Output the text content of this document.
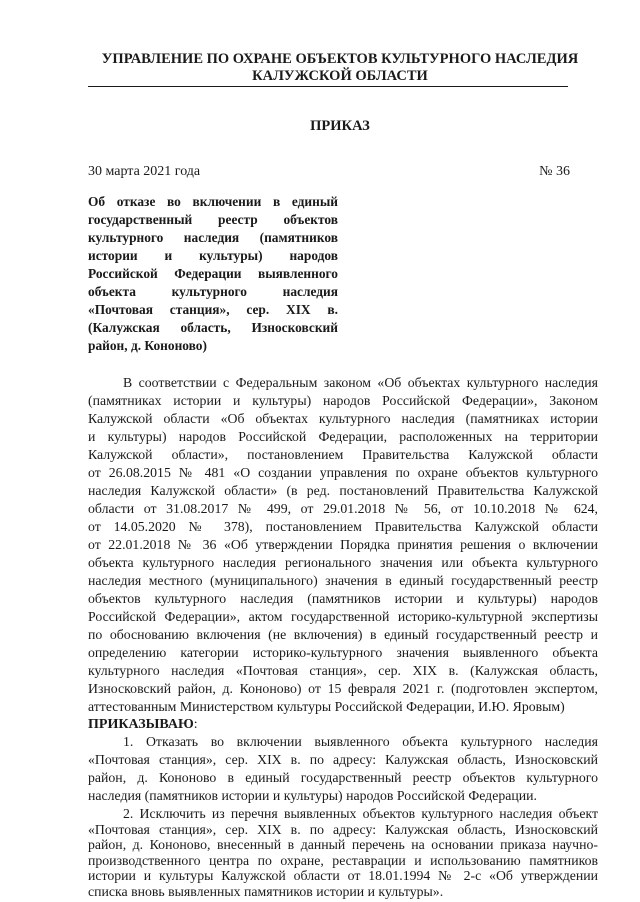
УПРАВЛЕНИЕ ПО ОХРАНЕ ОБЪЕКТОВ КУЛЬТУРНОГО НАСЛЕДИЯ
КАЛУЖСКОЙ ОБЛАСТИ
ПРИКАЗ
30 марта 2021 года	№ 36
Об отказе во включении в единый
государственный реестр объектов
культурного наследия (памятников
истории и культуры) народов
Российской Федерации выявленного
объекта культурного наследия
«Почтовая станция», сер. XIX в.
(Калужская область, Износковский
район, д. Кононово)
В соответствии с Федеральным законом «Об объектах культурного наследия
(памятниках истории и культуры) народов Российской Федерации», Законом
Калужской области «Об объектах культурного наследия (памятниках истории
и культуры) народов Российской Федерации, расположенных на территории
Калужской области», постановлением Правительства Калужской области
от 26.08.2015 № 481 «О создании управления по охране объектов культурного
наследия Калужской области» (в ред. постановлений Правительства Калужской
области от 31.08.2017 № 499, от 29.01.2018 № 56, от 10.10.2018 № 624,
от 14.05.2020 № 378), постановлением Правительства Калужской области
от 22.01.2018 № 36 «Об утверждении Порядка принятия решения о включении
объекта культурного наследия регионального значения или объекта культурного
наследия местного (муниципального) значения в единый государственный реестр
объектов культурного наследия (памятников истории и культуры) народов
Российской Федерации», актом государственной историко-культурной экспертизы
по обоснованию включения (не включения) в единый государственный реестр и
определению категории историко-культурного значения выявленного объекта
культурного наследия «Почтовая станция», сер. XIX в. (Калужская область,
Износковский район, д. Кононово) от 15 февраля 2021 г. (подготовлен экспертом,
аттестованным Министерством культуры Российской Федерации, И.Ю. Яровым)
ПРИКАЗЫВАЮ:
1. Отказать во включении выявленного объекта культурного наследия
«Почтовая станция», сер. XIX в. по адресу: Калужская область, Износковский
район, д. Кононово в единый государственный реестр объектов культурного
наследия (памятников истории и культуры) народов Российской Федерации.
2. Исключить из перечня выявленных объектов культурного наследия объект
«Почтовая станция», сер. XIX в. по адресу: Калужская область, Износковский
район, д. Кононово, внесенный в данный перечень на основании приказа научно-
производственного центра по охране, реставрации и использованию памятников
истории и культуры Калужской области от 18.01.1994 № 2-с «Об утверждении
списка вновь выявленных памятников истории и культуры».
